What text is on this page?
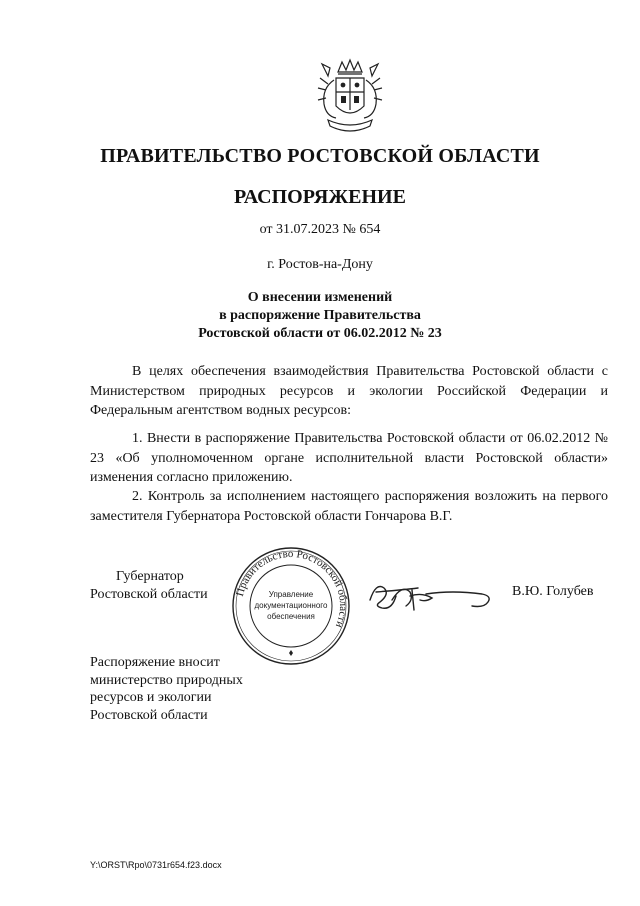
ПРАВИТЕЛЬСТВО РОСТОВСКОЙ ОБЛАСТИ
РАСПОРЯЖЕНИЕ
от 31.07.2023 № 654
г. Ростов-на-Дону
О внесении изменений
в распоряжение Правительства
Ростовской области от 06.02.2012 № 23
В целях обеспечения взаимодействия Правительства Ростовской области с Министерством природных ресурсов и экологии Российской Федерации и Федеральным агентством водных ресурсов:
1. Внести в распоряжение Правительства Ростовской области от 06.02.2012 № 23 «Об уполномоченном органе исполнительной власти Ростовской области» изменения согласно приложению.
2. Контроль за исполнением настоящего распоряжения возложить на первого заместителя Губернатора Ростовской области Гончарова В.Г.
Губернатор
Ростовской области	Правительство Ростовской области
Управление
документационного
обеспечения
В.Ю. Голубев
Распоряжение вносит
министерство природных
ресурсов и экологии
Ростовской области
Y:\ORST\Rpo\0731r654.f23.docx
